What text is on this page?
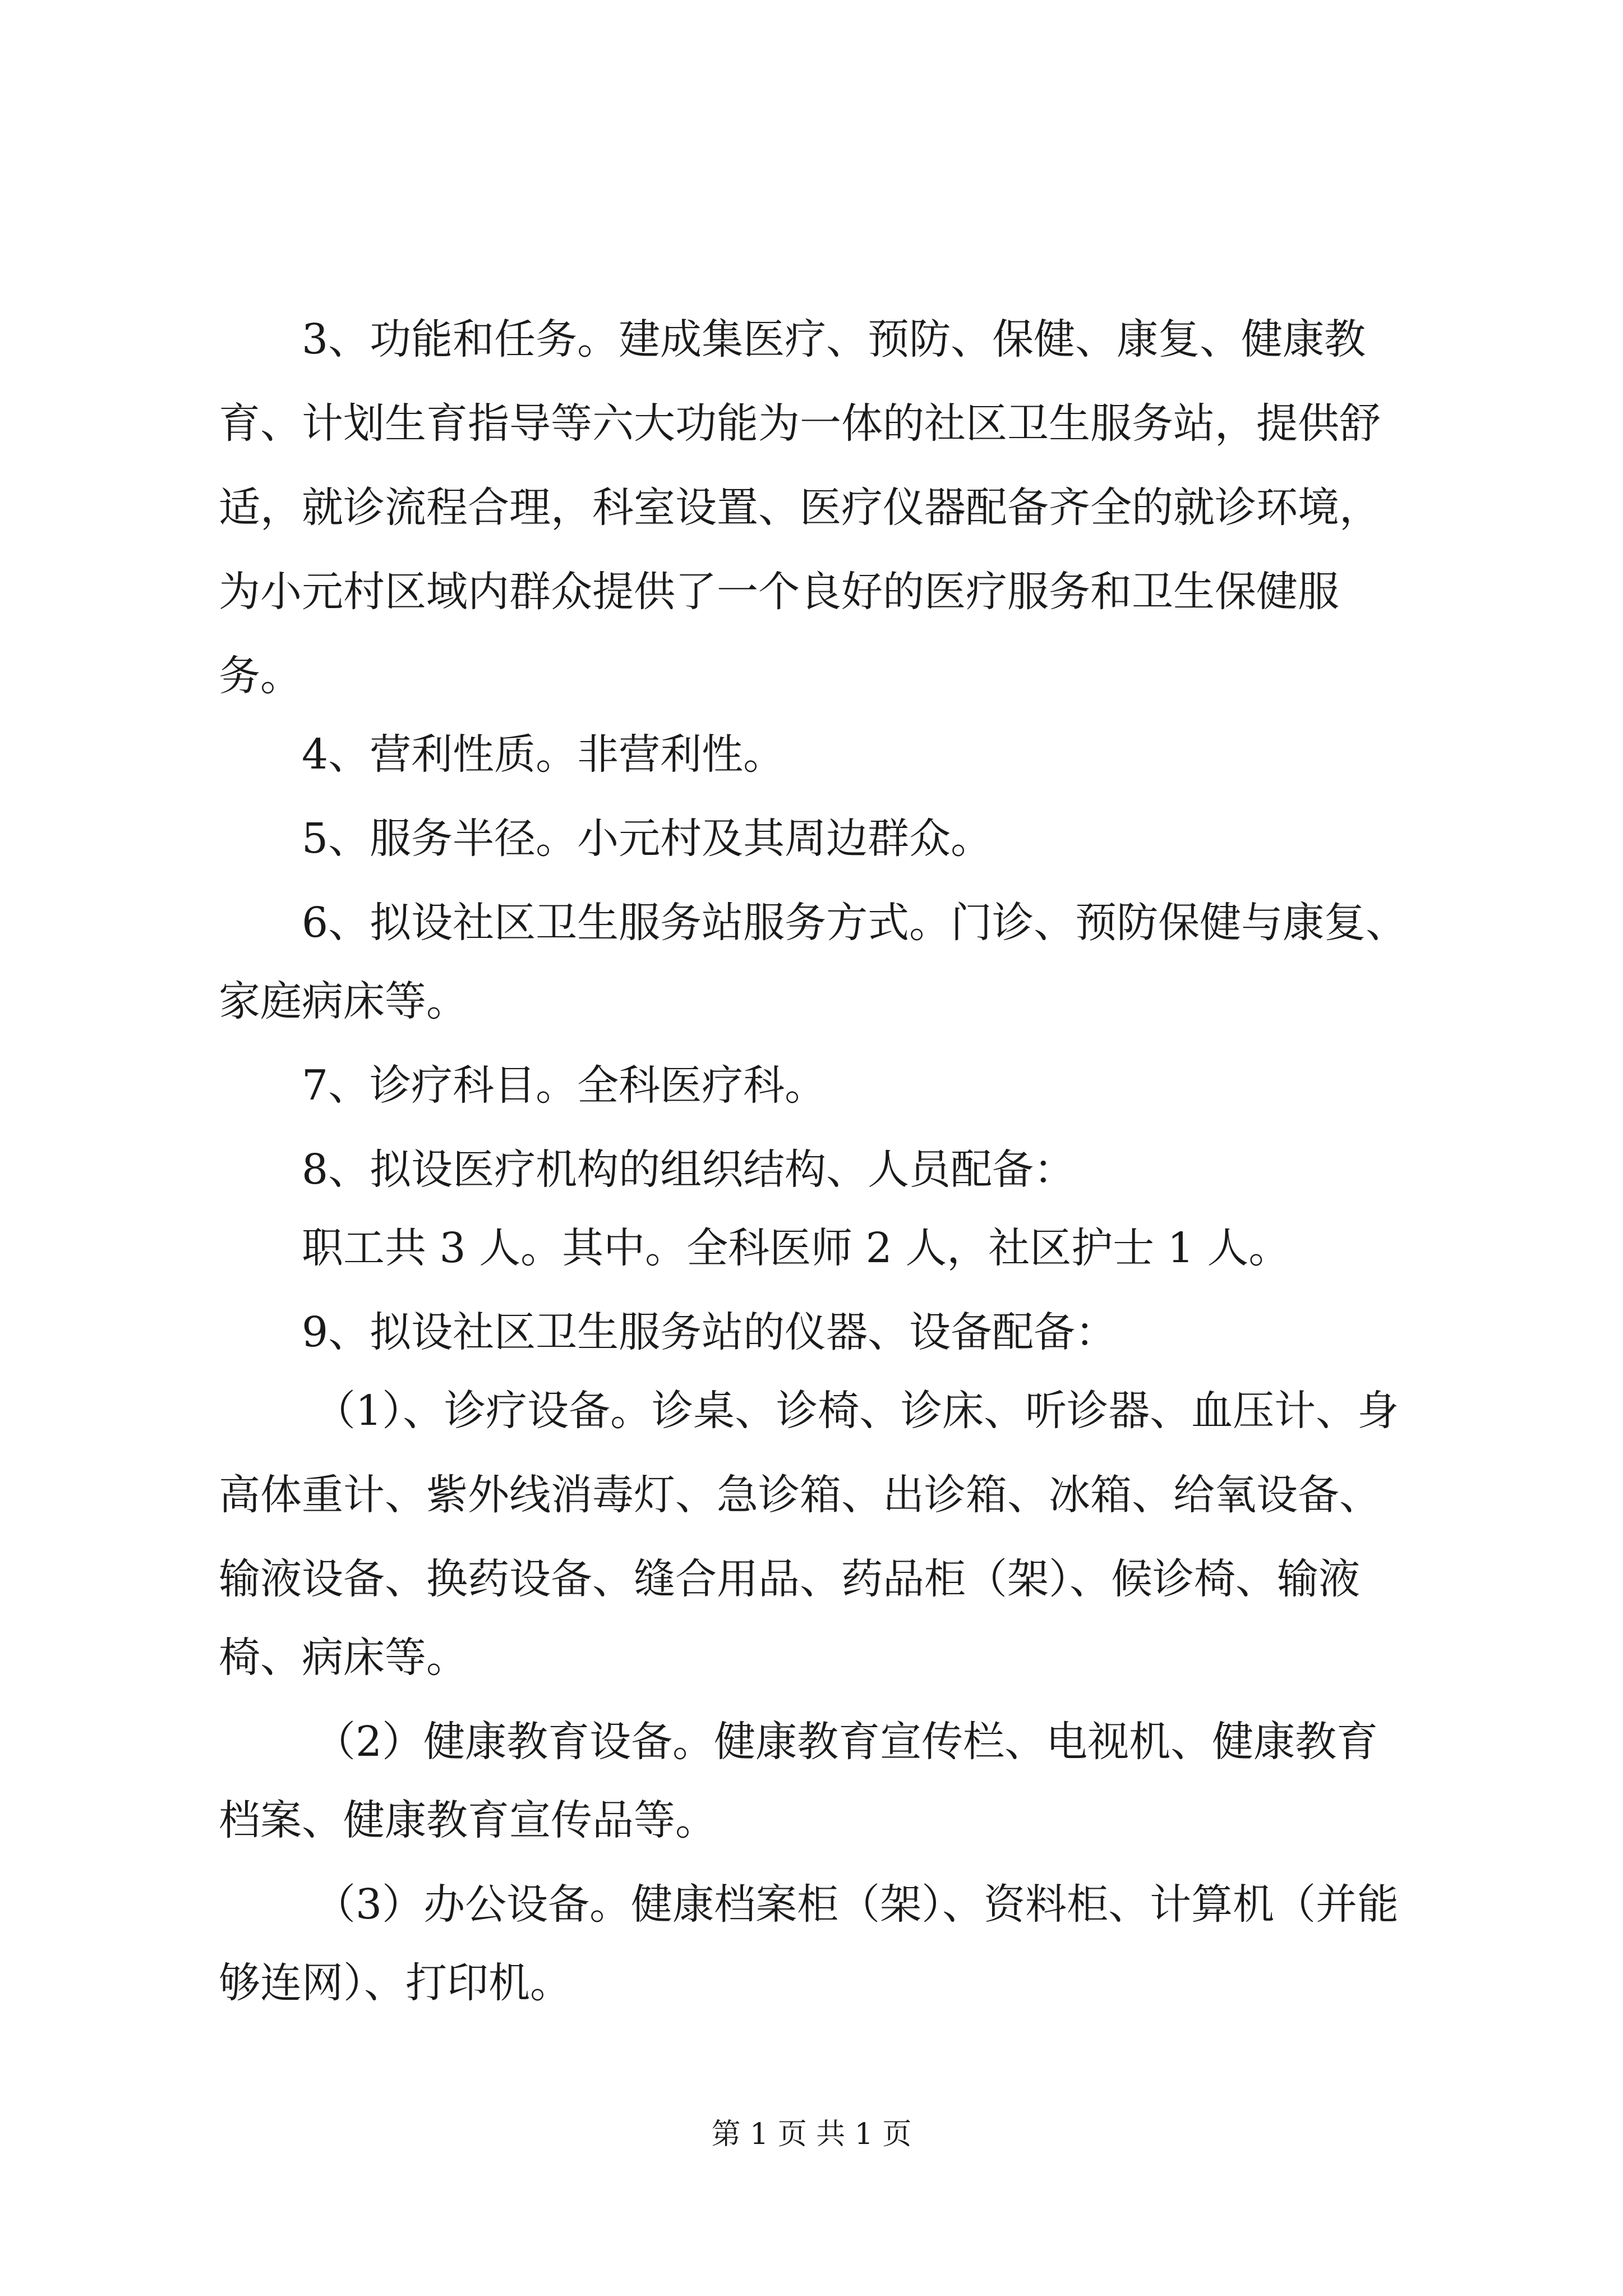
3、功能和任务。建成集医疗、预防、保健、康复、健康教
育、计划生育指导等六大功能为一体的社区卫生服务站，提供舒
适，就诊流程合理，科室设置、医疗仪器配备齐全的就诊环境，
为小元村区域内群众提供了一个良好的医疗服务和卫生保健服
务。
4、营利性质。非营利性。
5、服务半径。小元村及其周边群众。
6、拟设社区卫生服务站服务方式。门诊、预防保健与康复、
家庭病床等。
7、诊疗科目。全科医疗科。
8、拟设医疗机构的组织结构、人员配备：
职工共 3 人。其中。全科医师 2 人，社区护士 1 人。
9、拟设社区卫生服务站的仪器、设备配备：
（1）、诊疗设备。诊桌、诊椅、诊床、听诊器、血压计、身
高体重计、紫外线消毒灯、急诊箱、出诊箱、冰箱、给氧设备、
输液设备、换药设备、缝合用品、药品柜（架）、候诊椅、输液
椅、病床等。
（2）健康教育设备。健康教育宣传栏、电视机、健康教育
档案、健康教育宣传品等。
（3）办公设备。健康档案柜（架）、资料柜、计算机（并能
够连网）、打印机。
第 1 页 共 1 页
